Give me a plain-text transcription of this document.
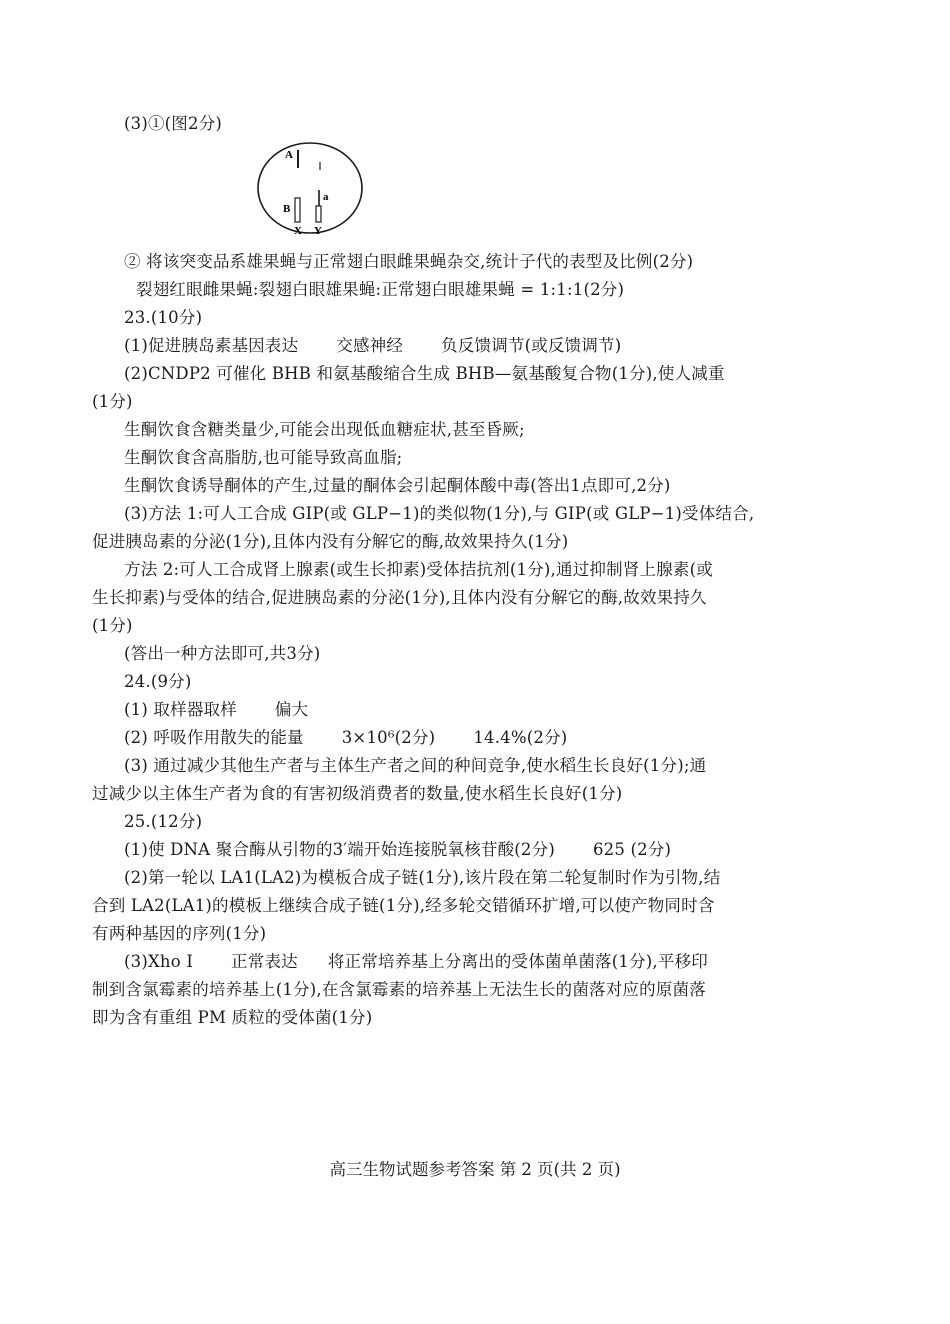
(3)①(图2分)
A
B
a
X Y
② 将该突变品系雄果蝇与正常翅白眼雌果蝇杂交,统计子代的表型及比例(2分)
裂翅红眼雌果蝇:裂翅白眼雄果蝇:正常翅白眼雄果蝇 = 1:1:1(2分)
23.(10分)
(1)促进胰岛素基因表达 交感神经 负反馈调节(或反馈调节)
(2)CNDP2 可催化 BHB 和氨基酸缩合生成 BHB—氨基酸复合物(1分),使人减重
(1分)
生酮饮食含糖类量少,可能会出现低血糖症状,甚至昏厥;
生酮饮食含高脂肪,也可能导致高血脂;
生酮饮食诱导酮体的产生,过量的酮体会引起酮体酸中毒(答出1点即可,2分)
(3)方法 1:可人工合成 GIP(或 GLP−1)的类似物(1分),与 GIP(或 GLP−1)受体结合,
促进胰岛素的分泌(1分),且体内没有分解它的酶,故效果持久(1分)
方法 2:可人工合成肾上腺素(或生长抑素)受体拮抗剂(1分),通过抑制肾上腺素(或
生长抑素)与受体的结合,促进胰岛素的分泌(1分),且体内没有分解它的酶,故效果持久
(1分)
(答出一种方法即可,共3分)
24.(9分)
(1) 取样器取样 偏大
(2) 呼吸作用散失的能量 3×10⁶(2分) 14.4%(2分)
(3) 通过减少其他生产者与主体生产者之间的种间竞争,使水稻生长良好(1分);通
过减少以主体生产者为食的有害初级消费者的数量,使水稻生长良好(1分)
25.(12分)
(1)使 DNA 聚合酶从引物的3′端开始连接脱氧核苷酸(2分) 625 (2分)
(2)第一轮以 LA1(LA2)为模板合成子链(1分),该片段在第二轮复制时作为引物,结
合到 LA2(LA1)的模板上继续合成子链(1分),经多轮交错循环扩增,可以使产物同时含
有两种基因的序列(1分)
(3)Xho Ⅰ 正常表达 将正常培养基上分离出的受体菌单菌落(1分),平移印
制到含氯霉素的培养基上(1分),在含氯霉素的培养基上无法生长的菌落对应的原菌落
即为含有重组 PM 质粒的受体菌(1分)
高三生物试题参考答案 第 2 页(共 2 页)
